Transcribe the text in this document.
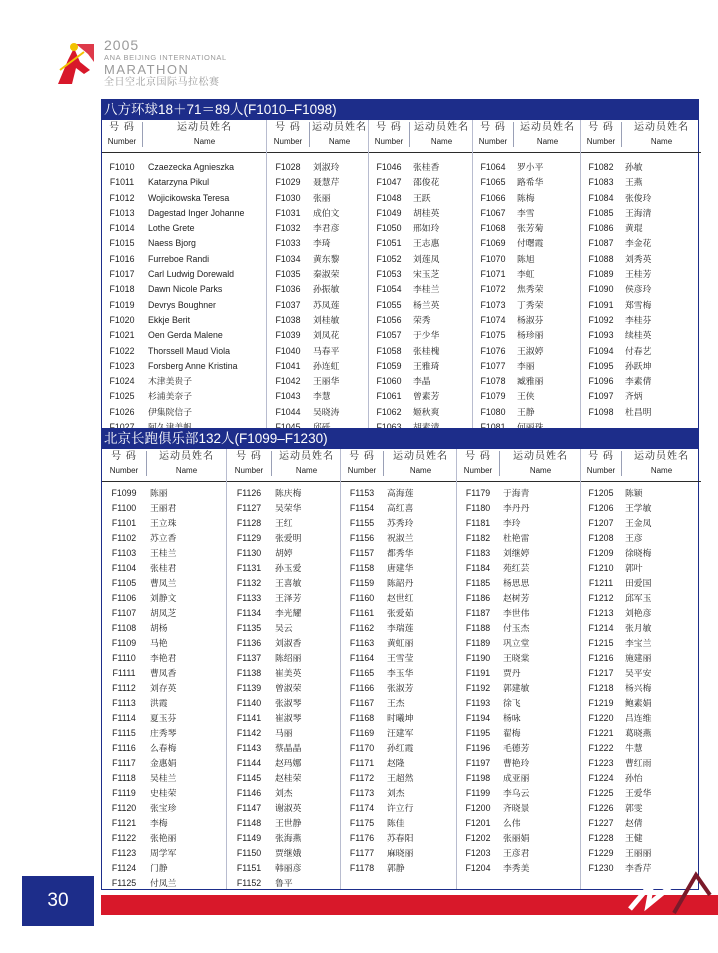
2005
ANA BEIJING INTERNATIONAL
MARATHON
全日空北京国际马拉松赛
八方环球18＋71＝89人(F1010–F1098)
号 码
Number
运动员姓名
Name
F1010	Czaezecka Agnieszka
F1011	Katarzyna Pikul
F1012	Wojicikowska Teresa
F1013	Dagestad Inger Johanne
F1014	Lothe Grete
F1015	Naess Bjorg
F1016	Furreboe Randi
F1017	Carl Ludwig Dorewald
F1018	Dawn Nicole Parks
F1019	Devrys Boughner
F1020	Ekkje Berit
F1021	Oen Gerda Malene
F1022	Thorssell Maud Viola
F1023	Forsberg Anne Kristina
F1024	木津美贵子
F1025	杉浦美奈子
F1026	伊集院信子
号 码
Number
运动员姓名
Name
F1028	刘淑玲
F1029	聂慧芹
F1030	张丽
F1031	成伯文
F1032	李君彦
F1033	李琦
F1034	黄东黎
F1035	秦淑荣
F1036	孙振敏
F1037	苏凤莲
F1038	刘桂敏
F1039	刘凤花
F1040	马春平
F1041	孙连虹
F1042	王丽华
F1043	李慧
F1044	吴晓涛
号 码
Number
运动员姓名
Name
F1046	张桂香
F1047	邵俊花
F1048	王跃
F1049	胡桂英
F1050	邢如玲
F1051	王志惠
F1052	刘莲凤
F1053	宋玉芝
F1054	李桂兰
F1055	杨兰英
F1056	荣秀
F1057	于少华
F1058	张桂槐
F1059	王雅琦
F1060	李晶
F1061	曾素芳
F1062	姬秋爽
号 码
Number
运动员姓名
Name
F1064	罗小平
F1065	路希华
F1066	陈梅
F1067	李雪
F1068	张芳菊
F1069	付曙霞
F1070	陈旭
F1071	李虹
F1072	焦秀荣
F1073	丁秀荣
F1074	杨淑芬
F1075	杨珍丽
F1076	王淑婷
F1077	李丽
F1078	臧雅丽
F1079	王侠
F1080	王静
号 码
Number
运动员姓名
Name
F1082	孙敏
F1083	王燕
F1084	张俊玲
F1085	王海清
F1086	黄琨
F1087	李金花
F1088	刘秀英
F1089	王桂芳
F1090	侯彦玲
F1091	郑雪梅
F1092	李桂芬
F1093	续桂英
F1094	付春艺
F1095	孙跃坤
F1096	李素倩
F1097	齐炳
F1098	杜昌明
北京长跑俱乐部132人(F1099–F1230)
号 码
Number
运动员姓名
Name
F1099	陈丽
F1100	王丽君
F1101	王立珠
F1102	苏立香
F1103	王桂兰
F1104	张桂君
F1105	曹凤兰
F1106	刘静文
F1107	胡凤芝
F1108	胡杨
F1109	马艳
F1110	李艳君
F1111	曹凤香
F1112	刘存英
F1113	洪霞
F1114	夏玉芬
F1115	庄秀琴
F1116	么春梅
F1117	金惠娟
F1118	吴桂兰
F1119	史桂荣
F1120	张宝珍
F1121	李梅
F1122	张艳丽
F1123	周学军
F1124	门静
F1125	付凤兰
号 码
Number
运动员姓名
Name
F1126	陈庆梅
F1127	吴荣华
F1128	王红
F1129	张爱明
F1130	胡婷
F1131	孙玉爱
F1132	王喜敏
F1133	王泽芳
F1134	李光耀
F1135	吴云
F1136	刘淑香
F1137	陈绍丽
F1138	崔美英
F1139	曾淑荣
F1140	张淑琴
F1141	崔淑琴
F1142	马丽
F1143	蔡晶晶
F1144	赵玛娜
F1145	赵桂荣
F1146	刘杰
F1147	谢淑英
F1148	王世静
F1149	张海燕
F1150	贾继娥
F1151	韩丽彦
F1152	鲁平
号 码
Number
运动员姓名
Name
F1153	高海莲
F1154	高红喜
F1155	苏秀玲
F1156	祝淑兰
F1157	都秀华
F1158	唐建华
F1159	陈韶丹
F1160	赵世红
F1161	张爱茹
F1162	李瑞莲
F1163	黄虹丽
F1164	王雪莹
F1165	李玉华
F1166	张淑芳
F1167	王杰
F1168	时曦坤
F1169	汪建军
F1170	孙红霞
F1171	赵隆
F1172	王超然
F1173	刘杰
F1174	许立行
F1175	陈佳
F1176	苏春阳
F1177	麻晓丽
F1178	郭静
号 码
Number
运动员姓名
Name
F1179	于海青
F1180	李丹丹
F1181	李玲
F1182	杜艳雷
F1183	刘继婷
F1184	苑红芸
F1185	杨思思
F1186	赵树芳
F1187	李世伟
F1188	付玉杰
F1189	巩立堂
F1190	王晓棠
F1191	贾丹
F1192	郭建敏
F1193	徐飞
F1194	杨咏
F1195	翟梅
F1196	毛德芳
F1197	曹艳玲
F1198	成亚丽
F1199	李乌云
F1200	齐晓景
F1201	么伟
F1202	张丽娟
F1203	王彦君
F1204	李秀美
号 码
Number
运动员姓名
Name
F1205	陈颖
F1206	王学敏
F1207	王金凤
F1208	王彦
F1209	徐晓梅
F1210	郭叶
F1211	田爱国
F1212	邱军玉
F1213	刘艳彦
F1214	张月敏
F1215	李宝兰
F1216	施建丽
F1217	吴平安
F1218	杨兴梅
F1219	鲍素娟
F1220	吕连维
F1221	葛晓燕
F1222	牛慧
F1223	曹红雨
F1224	孙怡
F1225	王爱华
F1226	郭雯
F1227	赵倩
F1228	王健
F1229	王丽丽
F1230	李香芹
30
